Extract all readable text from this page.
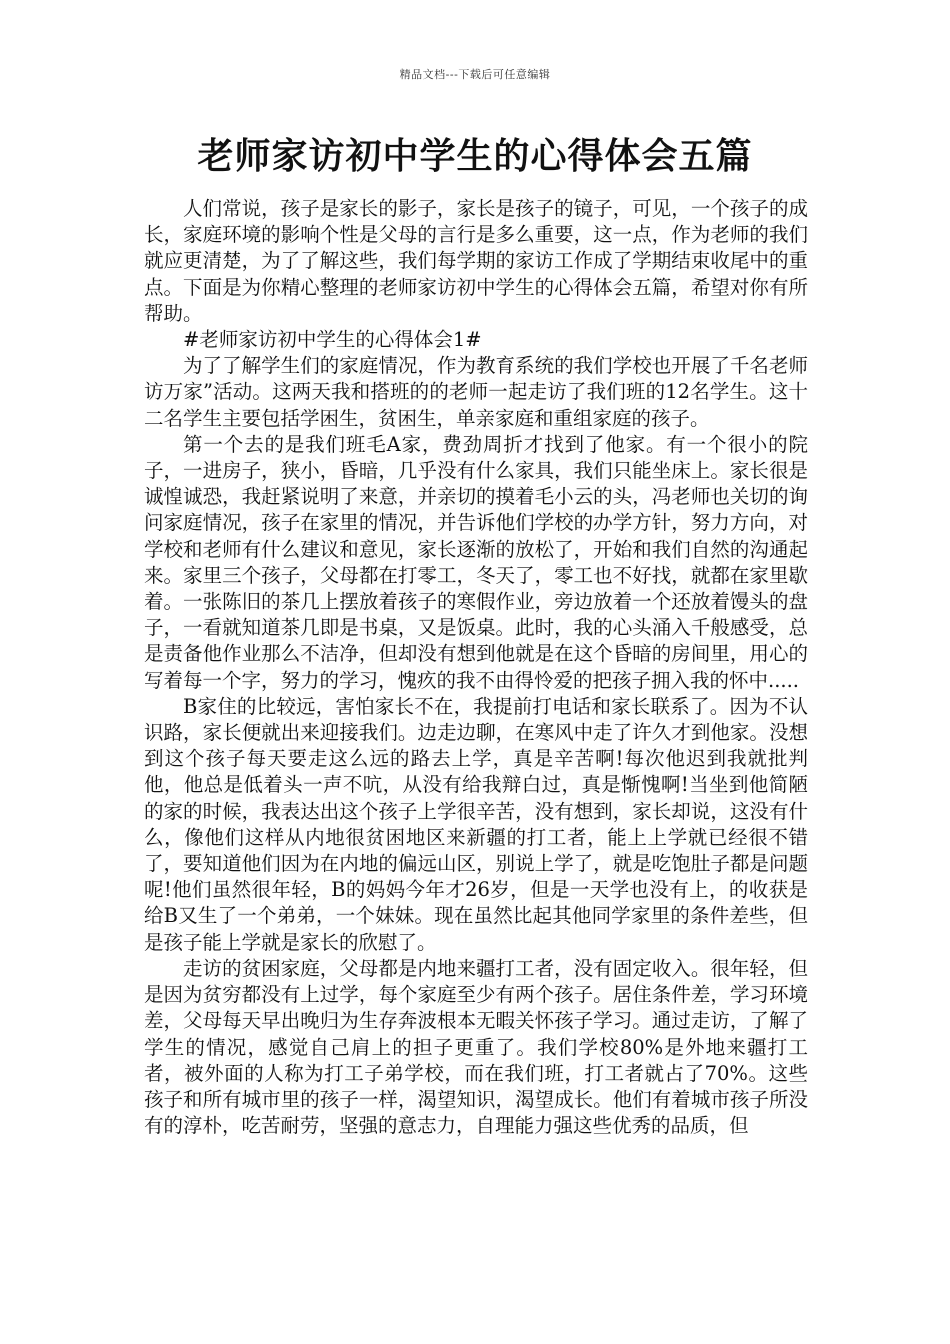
精品文档---下载后可任意编辑
老师家访初中学生的心得体会五篇

人们常说，孩子是家长的影子，家长是孩子的镜子，可见，一个孩子的成长，家庭环境的影响个性是父母的言行是多么重要，这一点，作为老师的我们就应更清楚，为了了解这些，我们每学期的家访工作成了学期结束收尾中的重点。下面是为你精心整理的老师家访初中学生的心得体会五篇，希望对你有所帮助。

#老师家访初中学生的心得体会1#

为了了解学生们的家庭情况，作为教育系统的我们学校也开展了千名老师访万家”活动。这两天我和搭班的的老师一起走访了我们班的12名学生。这十二名学生主要包括学困生，贫困生，单亲家庭和重组家庭的孩子。

第一个去的是我们班毛A家，费劲周折才找到了他家。有一个很小的院子，一进房子，狭小，昏暗，几乎没有什么家具，我们只能坐床上。家长很是诚惶诚恐，我赶紧说明了来意，并亲切的摸着毛小云的头，冯老师也关切的询问家庭情况，孩子在家里的情况，并告诉他们学校的办学方针，努力方向，对学校和老师有什么建议和意见，家长逐渐的放松了，开始和我们自然的沟通起来。家里三个孩子，父母都在打零工，冬天了，零工也不好找，就都在家里歇着。一张陈旧的茶几上摆放着孩子的寒假作业，旁边放着一个还放着馒头的盘子，一看就知道茶几即是书桌，又是饭桌。此时，我的心头涌入千般感受，总是责备他作业那么不洁净，但却没有想到他就是在这个昏暗的房间里，用心的写着每一个字，努力的学习，愧疚的我不由得怜爱的把孩子拥入我的怀中.....

B家住的比较远，害怕家长不在，我提前打电话和家长联系了。因为不认识路，家长便就出来迎接我们。边走边聊，在寒风中走了许久才到他家。没想到这个孩子每天要走这么远的路去上学，真是辛苦啊!每次他迟到我就批判他，他总是低着头一声不吭，从没有给我辩白过，真是惭愧啊!当坐到他简陋的家的时候，我表达出这个孩子上学很辛苦，没有想到，家长却说，这没有什么，像他们这样从内地很贫困地区来新疆的打工者，能上上学就已经很不错了，要知道他们因为在内地的偏远山区，别说上学了，就是吃饱肚子都是问题呢!他们虽然很年轻，B的妈妈今年才26岁，但是一天学也没有上，的收获是给B又生了一个弟弟，一个妹妹。现在虽然比起其他同学家里的条件差些，但是孩子能上学就是家长的欣慰了。

走访的贫困家庭，父母都是内地来疆打工者，没有固定收入。很年轻，但是因为贫穷都没有上过学，每个家庭至少有两个孩子。居住条件差，学习环境差，父母每天早出晚归为生存奔波根本无暇关怀孩子学习。通过走访，了解了学生的情况，感觉自己肩上的担子更重了。我们学校80%是外地来疆打工者，被外面的人称为打工子弟学校，而在我们班，打工者就占了70%。这些孩子和所有城市里的孩子一样，渴望知识，渴望成长。他们有着城市孩子所没有的淳朴，吃苦耐劳，坚强的意志力，自理能力强这些优秀的品质，但
